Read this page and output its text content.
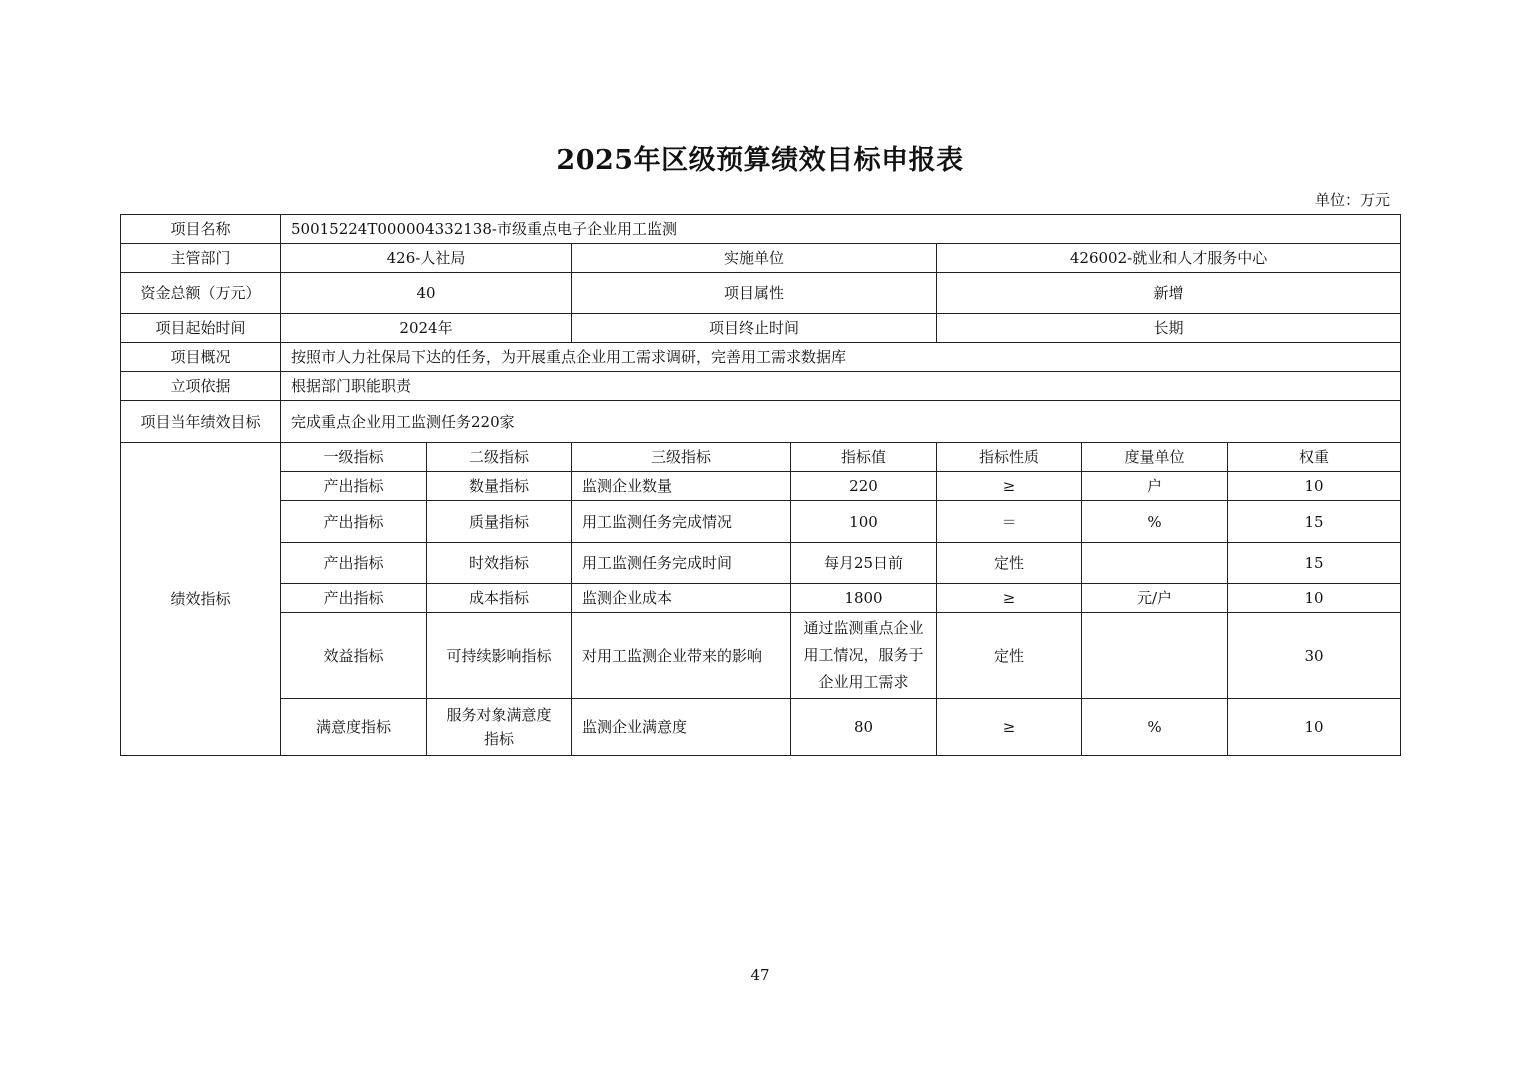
2025年区级预算绩效目标申报表
单位：万元
项目名称	50015224T000004332138-市级重点电子企业用工监测						
主管部门	426-人社局		实施单位		426002-就业和人才服务中心		
资金总额（万元）	40		项目属性		新增		
项目起始时间	2024年		项目终止时间		长期		
项目概况	按照市人力社保局下达的任务，为开展重点企业用工需求调研，完善用工需求数据库						
立项依据	根据部门职能职责						
项目当年绩效目标	完成重点企业用工监测任务220家						
绩效指标	一级指标	二级指标	三级指标	指标值	指标性质	度量单位	权重
	产出指标	数量指标	监测企业数量	220	≥	户	10
	产出指标	质量指标	用工监测任务完成情况	100	＝	%	15
	产出指标	时效指标	用工监测任务完成时间	每月25日前	定性		15
	产出指标	成本指标	监测企业成本	1800	≥	元/户	10
	效益指标	可持续影响指标	对用工监测企业带来的影响	通过监测重点企业用工情况，服务于企业用工需求	定性		30
	满意度指标	服务对象满意度指标	监测企业满意度	80	≥	%	10
47
